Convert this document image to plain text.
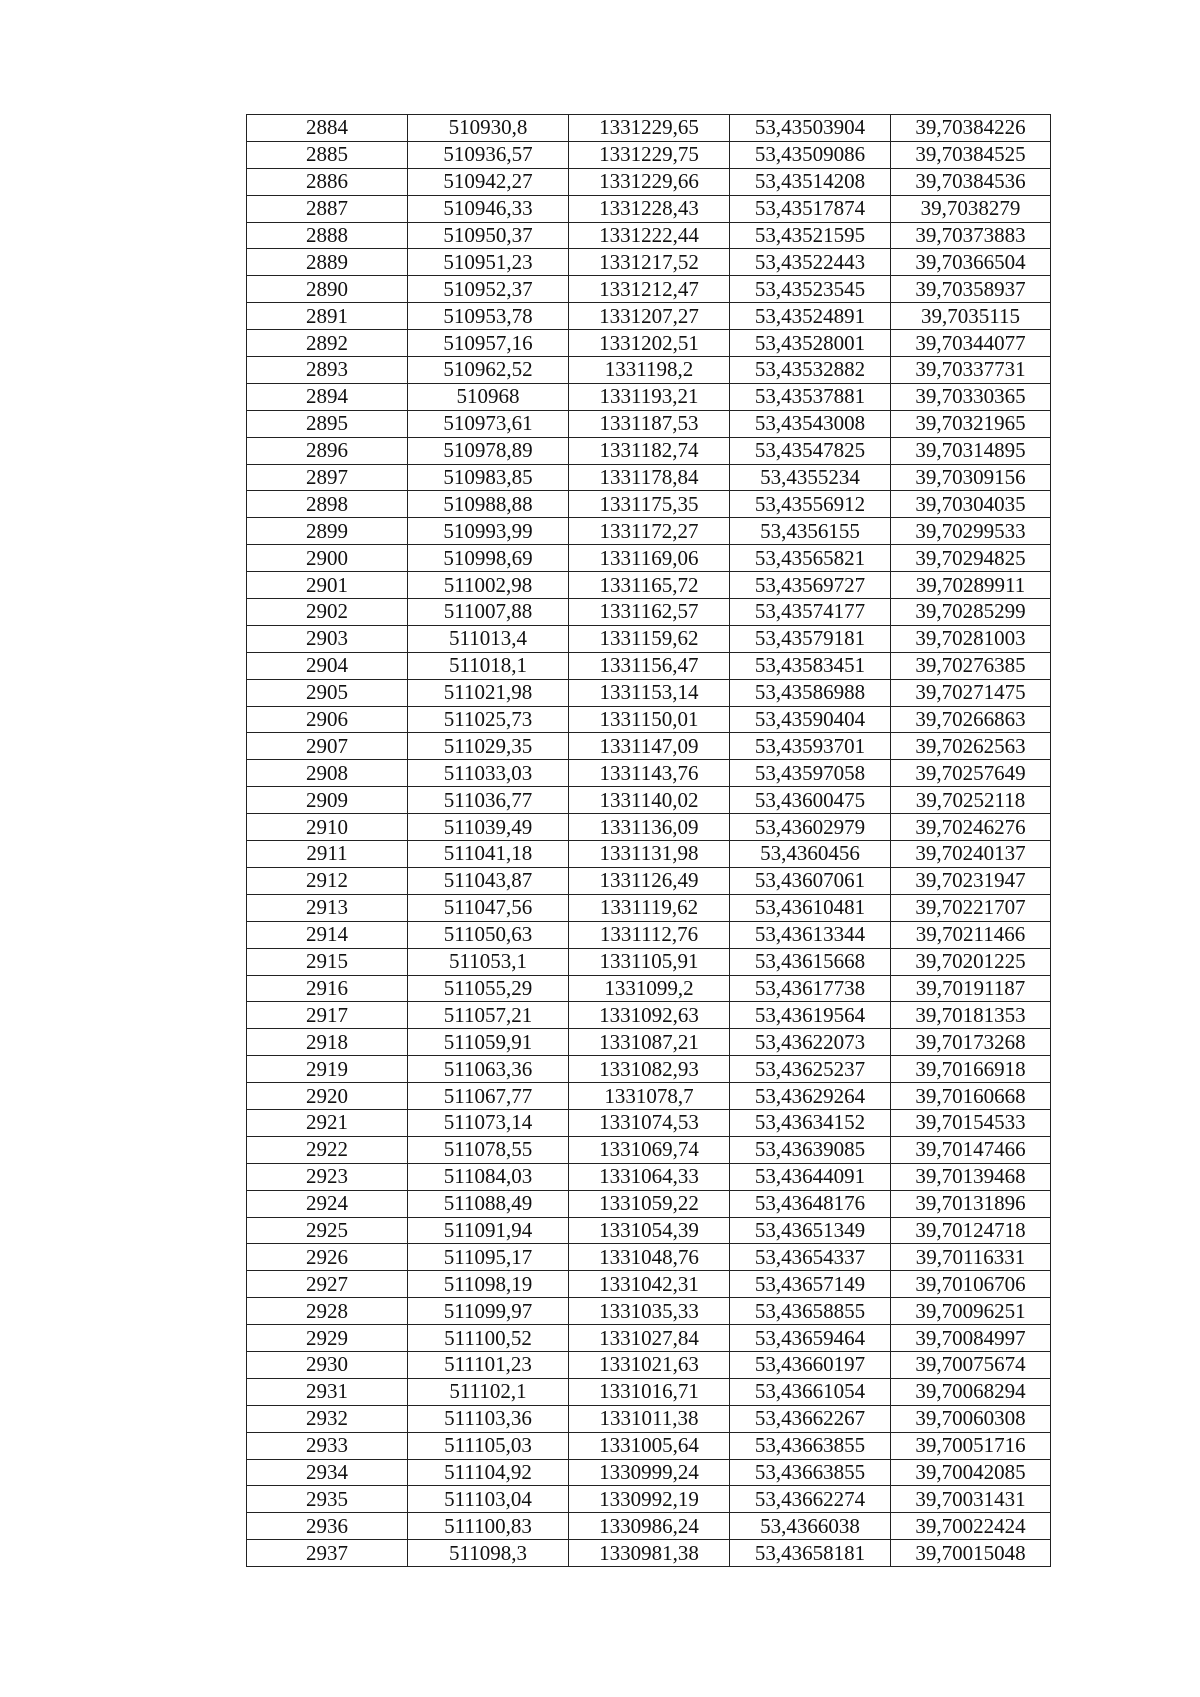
2884	510930,8	1331229,65	53,43503904	39,70384226
2885	510936,57	1331229,75	53,43509086	39,70384525
2886	510942,27	1331229,66	53,43514208	39,70384536
2887	510946,33	1331228,43	53,43517874	39,7038279
2888	510950,37	1331222,44	53,43521595	39,70373883
2889	510951,23	1331217,52	53,43522443	39,70366504
2890	510952,37	1331212,47	53,43523545	39,70358937
2891	510953,78	1331207,27	53,43524891	39,7035115
2892	510957,16	1331202,51	53,43528001	39,70344077
2893	510962,52	1331198,2	53,43532882	39,70337731
2894	510968	1331193,21	53,43537881	39,70330365
2895	510973,61	1331187,53	53,43543008	39,70321965
2896	510978,89	1331182,74	53,43547825	39,70314895
2897	510983,85	1331178,84	53,4355234	39,70309156
2898	510988,88	1331175,35	53,43556912	39,70304035
2899	510993,99	1331172,27	53,4356155	39,70299533
2900	510998,69	1331169,06	53,43565821	39,70294825
2901	511002,98	1331165,72	53,43569727	39,70289911
2902	511007,88	1331162,57	53,43574177	39,70285299
2903	511013,4	1331159,62	53,43579181	39,70281003
2904	511018,1	1331156,47	53,43583451	39,70276385
2905	511021,98	1331153,14	53,43586988	39,70271475
2906	511025,73	1331150,01	53,43590404	39,70266863
2907	511029,35	1331147,09	53,43593701	39,70262563
2908	511033,03	1331143,76	53,43597058	39,70257649
2909	511036,77	1331140,02	53,43600475	39,70252118
2910	511039,49	1331136,09	53,43602979	39,70246276
2911	511041,18	1331131,98	53,4360456	39,70240137
2912	511043,87	1331126,49	53,43607061	39,70231947
2913	511047,56	1331119,62	53,43610481	39,70221707
2914	511050,63	1331112,76	53,43613344	39,70211466
2915	511053,1	1331105,91	53,43615668	39,70201225
2916	511055,29	1331099,2	53,43617738	39,70191187
2917	511057,21	1331092,63	53,43619564	39,70181353
2918	511059,91	1331087,21	53,43622073	39,70173268
2919	511063,36	1331082,93	53,43625237	39,70166918
2920	511067,77	1331078,7	53,43629264	39,70160668
2921	511073,14	1331074,53	53,43634152	39,70154533
2922	511078,55	1331069,74	53,43639085	39,70147466
2923	511084,03	1331064,33	53,43644091	39,70139468
2924	511088,49	1331059,22	53,43648176	39,70131896
2925	511091,94	1331054,39	53,43651349	39,70124718
2926	511095,17	1331048,76	53,43654337	39,70116331
2927	511098,19	1331042,31	53,43657149	39,70106706
2928	511099,97	1331035,33	53,43658855	39,70096251
2929	511100,52	1331027,84	53,43659464	39,70084997
2930	511101,23	1331021,63	53,43660197	39,70075674
2931	511102,1	1331016,71	53,43661054	39,70068294
2932	511103,36	1331011,38	53,43662267	39,70060308
2933	511105,03	1331005,64	53,43663855	39,70051716
2934	511104,92	1330999,24	53,43663855	39,70042085
2935	511103,04	1330992,19	53,43662274	39,70031431
2936	511100,83	1330986,24	53,4366038	39,70022424
2937	511098,3	1330981,38	53,43658181	39,70015048
